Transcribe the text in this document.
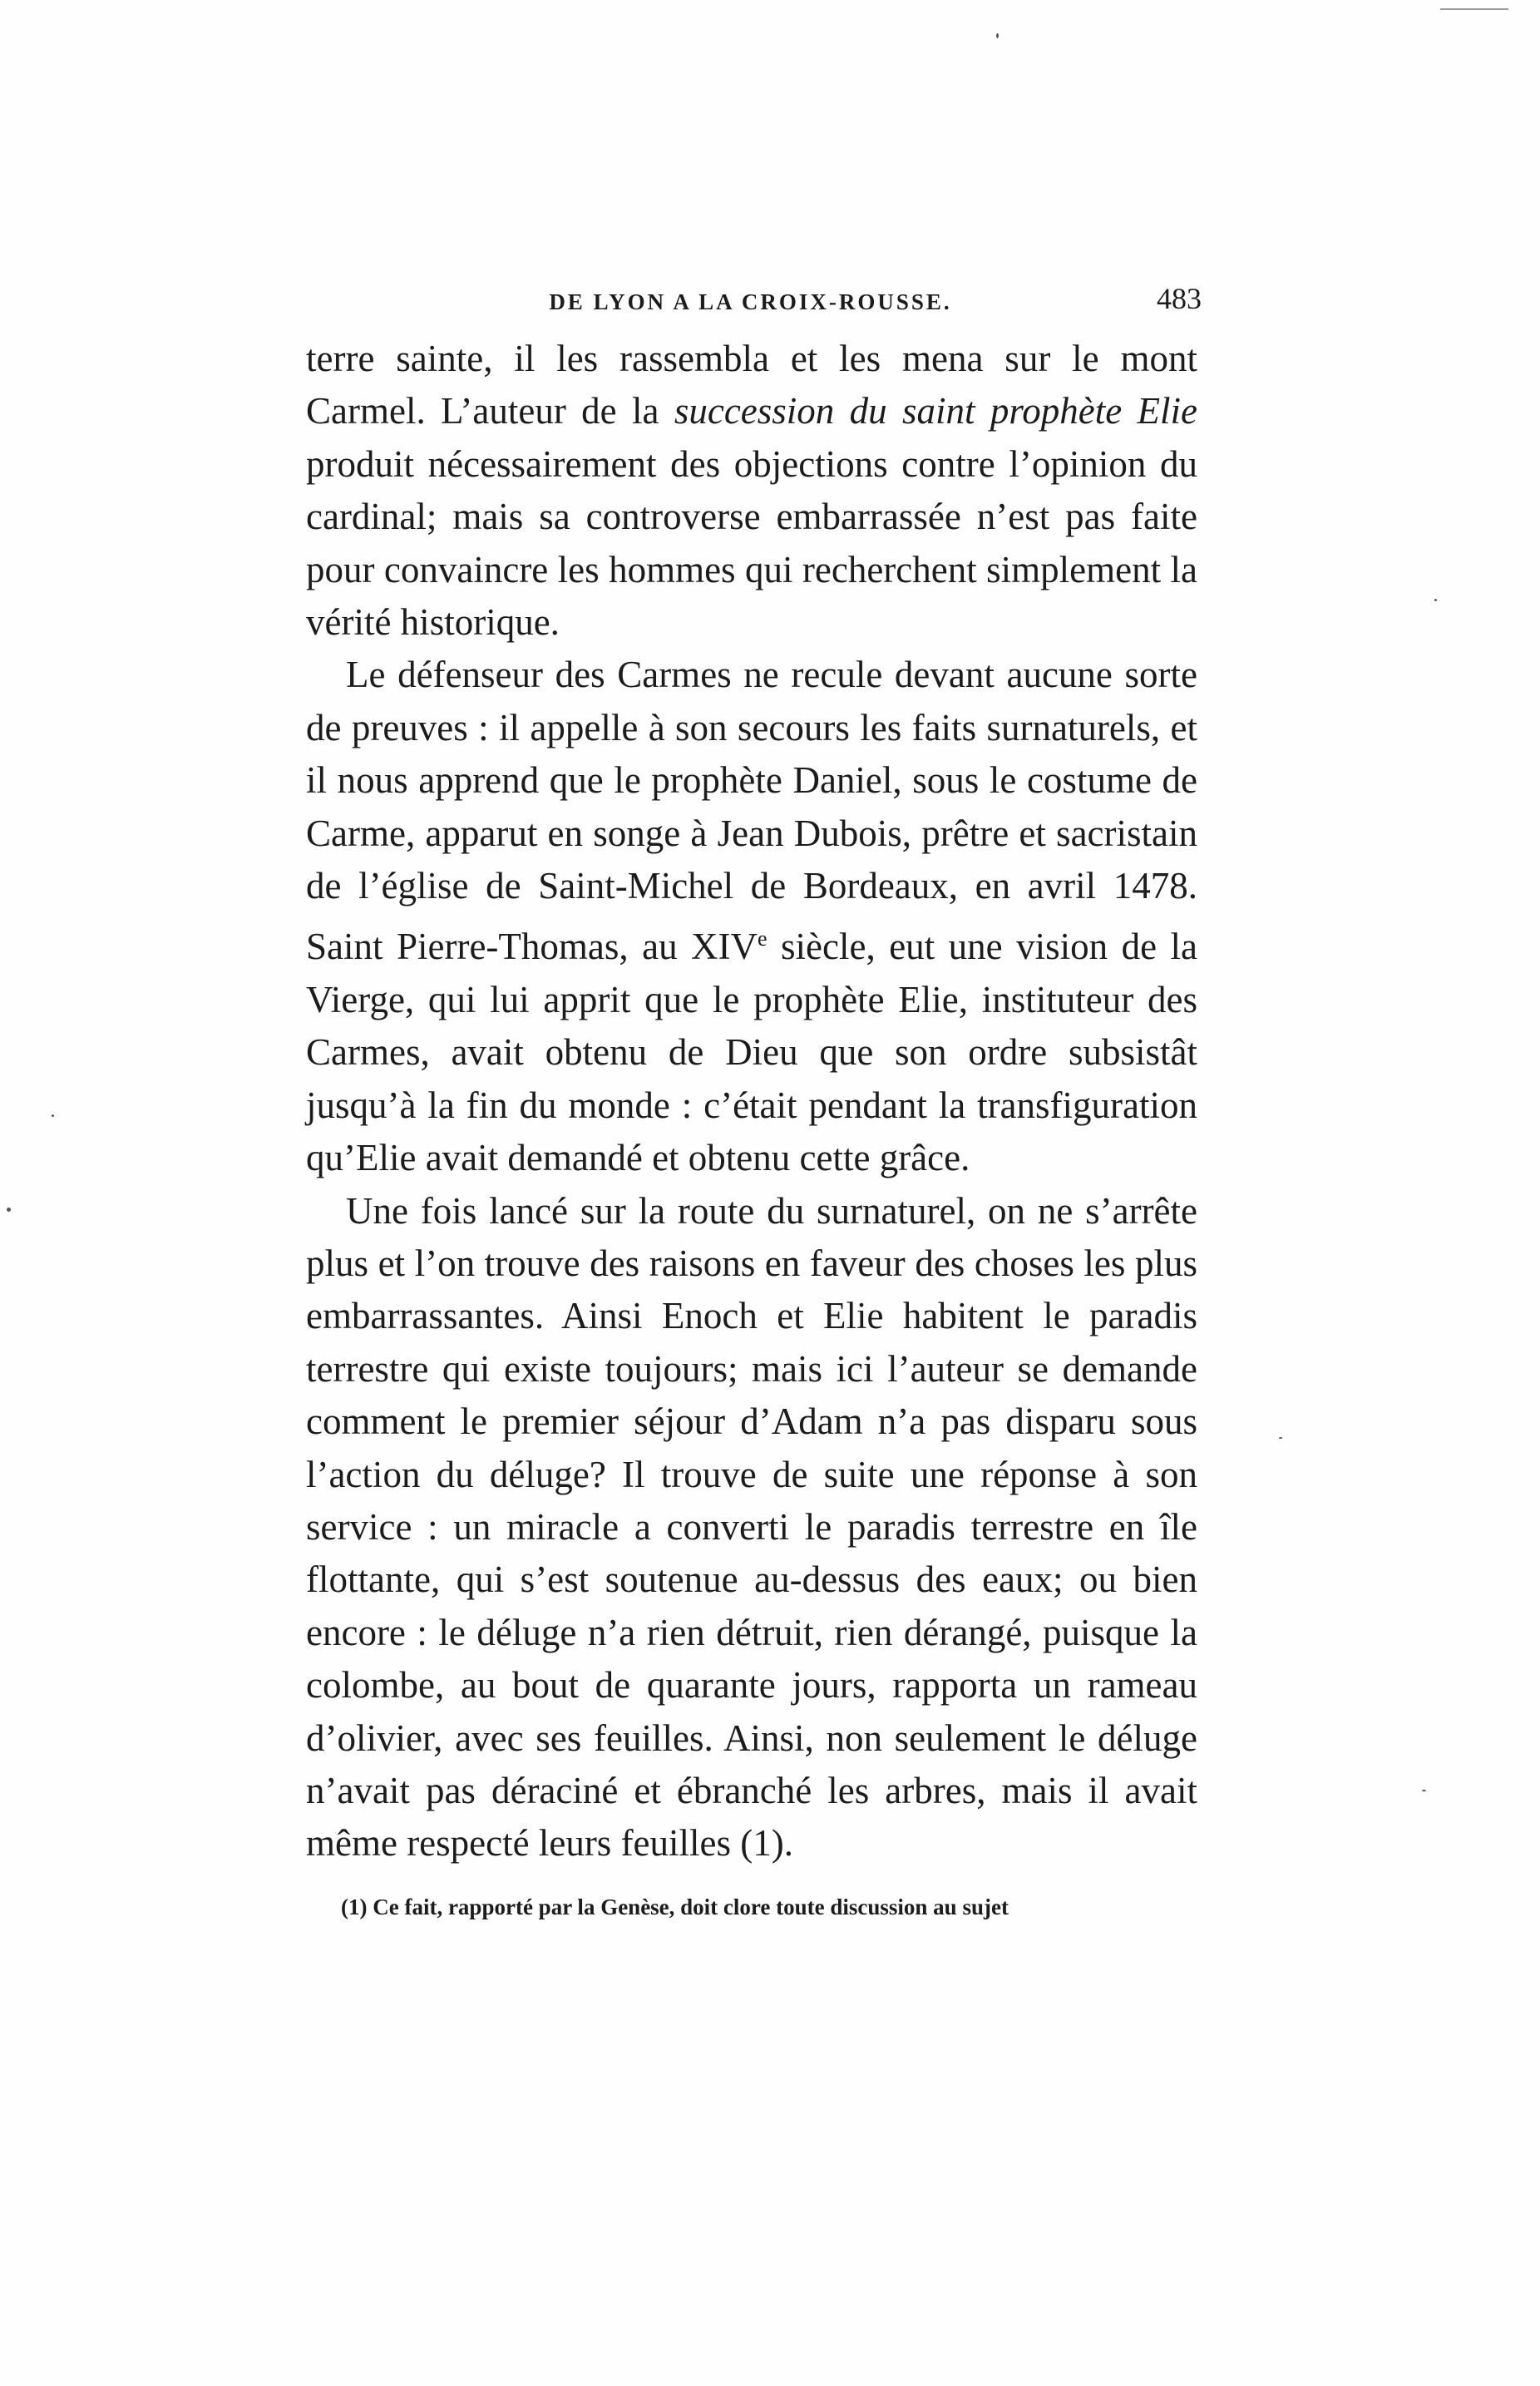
DE LYON A LA CROIX-ROUSSE.	483

terre sainte, il les rassembla et les mena sur le mont Carmel. L’auteur de la succession du saint prophète Elie produit nécessairement des objections contre l’opinion du cardinal; mais sa controverse embarrassée n’est pas faite pour convaincre les hommes qui recherchent simplement la vérité historique.

Le défenseur des Carmes ne recule devant aucune sorte de preuves : il appelle à son secours les faits surnaturels, et il nous apprend que le prophète Daniel, sous le costume de Carme, apparut en songe à Jean Dubois, prêtre et sacristain de l’église de Saint-Michel de Bordeaux, en avril 1478. Saint Pierre-Thomas, au XIVe siècle, eut une vision de la Vierge, qui lui apprit que le prophète Elie, instituteur des Carmes, avait obtenu de Dieu que son ordre subsistât jusqu’à la fin du monde : c’était pendant la transfiguration qu’Elie avait demandé et obtenu cette grâce.

Une fois lancé sur la route du surnaturel, on ne s’arrête plus et l’on trouve des raisons en faveur des choses les plus embarrassantes. Ainsi Enoch et Elie habitent le paradis terrestre qui existe toujours; mais ici l’auteur se demande comment le premier séjour d’Adam n’a pas disparu sous l’action du déluge? Il trouve de suite une réponse à son service : un miracle a converti le paradis terrestre en île flottante, qui s’est soutenue au-dessus des eaux; ou bien encore : le déluge n’a rien détruit, rien dérangé, puisque la colombe, au bout de quarante jours, rapporta un rameau d’olivier, avec ses feuilles. Ainsi, non seulement le déluge n’avait pas déraciné et ébranché les arbres, mais il avait même respecté leurs feuilles (1).

(1) Ce fait, rapporté par la Genèse, doit clore toute discussion au sujet
